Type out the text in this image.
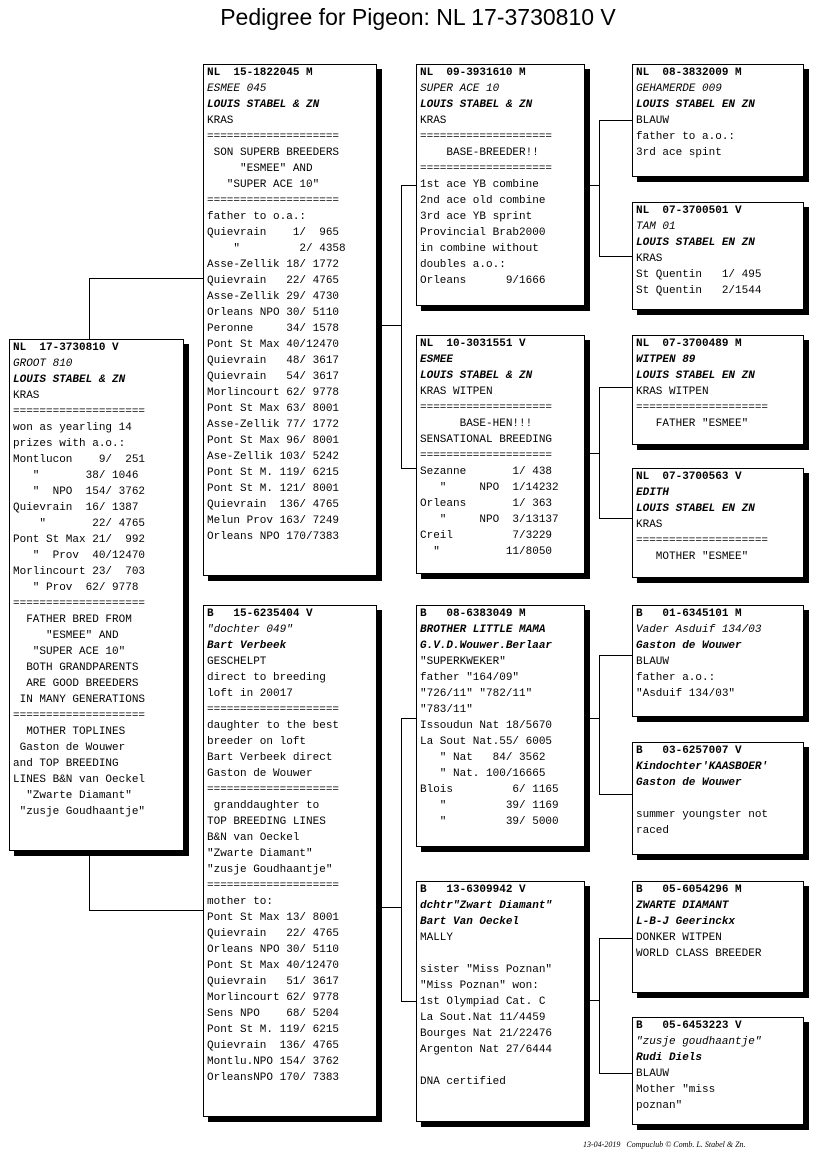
Pedigree for Pigeon: NL 17-3730810 V
NL  17-3730810 V
GROOT 810
LOUIS STABEL & ZN
KRAS
====================
won as yearling 14
prizes with a.o.:
Montlucon    9/  251
"       38/ 1046
"  NPO  154/ 3762
Quievrain  16/ 1387
"       22/ 4765
Pont St Max 21/  992
"  Prov  40/12470
Morlincourt 23/  703
" Prov  62/ 9778
====================
FATHER BRED FROM
"ESMEE" AND
"SUPER ACE 10"
BOTH GRANDPARENTS
ARE GOOD BREEDERS
IN MANY GENERATIONS
====================
MOTHER TOPLINES
Gaston de Wouwer
and TOP BREEDING
LINES B&N van Oeckel
"Zwarte Diamant"
"zusje Goudhaantje"
NL  15-1822045 M
ESMEE 045
LOUIS STABEL & ZN
KRAS
====================
SON SUPERB BREEDERS
"ESMEE" AND
"SUPER ACE 10"
====================
father to o.a.:
Quievrain    1/  965
"         2/ 4358
Asse-Zellik 18/ 1772
Quievrain   22/ 4765
Asse-Zellik 29/ 4730
Orleans NPO 30/ 5110
Peronne     34/ 1578
Pont St Max 40/12470
Quievrain   48/ 3617
Quievrain   54/ 3617
Morlincourt 62/ 9778
Pont St Max 63/ 8001
Asse-Zellik 77/ 1772
Pont St Max 96/ 8001
Ase-Zellik 103/ 5242
Pont St M. 119/ 6215
Pont St M. 121/ 8001
Quievrain  136/ 4765
Melun Prov 163/ 7249
Orleans NPO 170/7383
B   15-6235404 V
"dochter 049"
Bart Verbeek
GESCHELPT
direct to breeding
loft in 20017
====================
daughter to the best
breeder on loft
Bart Verbeek direct
Gaston de Wouwer
====================
granddaughter to
TOP BREEDING LINES
B&N van Oeckel
"Zwarte Diamant"
"zusje Goudhaantje"
====================
mother to:
Pont St Max 13/ 8001
Quievrain   22/ 4765
Orleans NPO 30/ 5110
Pont St Max 40/12470
Quievrain   51/ 3617
Morlincourt 62/ 9778
Sens NPO    68/ 5204
Pont St M. 119/ 6215
Quievrain  136/ 4765
Montlu.NPO 154/ 3762
OrleansNPO 170/ 7383
NL  09-3931610 M
SUPER ACE 10
LOUIS STABEL & ZN
KRAS
====================
BASE-BREEDER!!
====================
1st ace YB combine
2nd ace old combine
3rd ace YB sprint
Provincial Brab2000
in combine without
doubles a.o.:
Orleans      9/1666
NL  10-3031551 V
ESMEE
LOUIS STABEL & ZN
KRAS WITPEN
====================
BASE-HEN!!!
SENSATIONAL BREEDING
====================
Sezanne       1/ 438
"     NPO  1/14232
Orleans       1/ 363
"     NPO  3/13137
Creil         7/3229
"          11/8050
B   08-6383049 M
BROTHER LITTLE MAMA
G.V.D.Wouwer.Berlaar
"SUPERKWEKER"
father "164/09"
"726/11" "782/11"
"783/11"
Issoudun Nat 18/5670
La Sout Nat.55/ 6005
" Nat   84/ 3562
" Nat. 100/16665
Blois         6/ 1165
"         39/ 1169
"         39/ 5000
B   13-6309942 V
dchtr"Zwart Diamant"
Bart Van Oeckel
MALLY
sister "Miss Poznan"
"Miss Poznan" won:
1st Olympiad Cat. C
La Sout.Nat 11/4459
Bourges Nat 21/22476
Argenton Nat 27/6444
DNA certified
NL  08-3832009 M
GEHAMERDE 009
LOUIS STABEL EN ZN
BLAUW
father to a.o.:
3rd ace spint
NL  07-3700501 V
TAM 01
LOUIS STABEL EN ZN
KRAS
St Quentin   1/ 495
St Quentin   2/1544
NL  07-3700489 M
WITPEN 89
LOUIS STABEL EN ZN
KRAS WITPEN
====================
FATHER "ESMEE"
NL  07-3700563 V
EDITH
LOUIS STABEL EN ZN
KRAS
====================
MOTHER "ESMEE"
B   01-6345101 M
Vader Asduif 134/03
Gaston de Wouwer
BLAUW
father a.o.:
"Asduif 134/03"
B   03-6257007 V
Kindochter'KAASBOER'
Gaston de Wouwer
summer youngster not
raced
B   05-6054296 M
ZWARTE DIAMANT
L-B-J Geerinckx
DONKER WITPEN
WORLD CLASS BREEDER
B   05-6453223 V
"zusje goudhaantje"
Rudi Diels
BLAUW
Mother "miss
poznan"
13-04-2019   Compuclub © Comb. L. Stabel & Zn.
